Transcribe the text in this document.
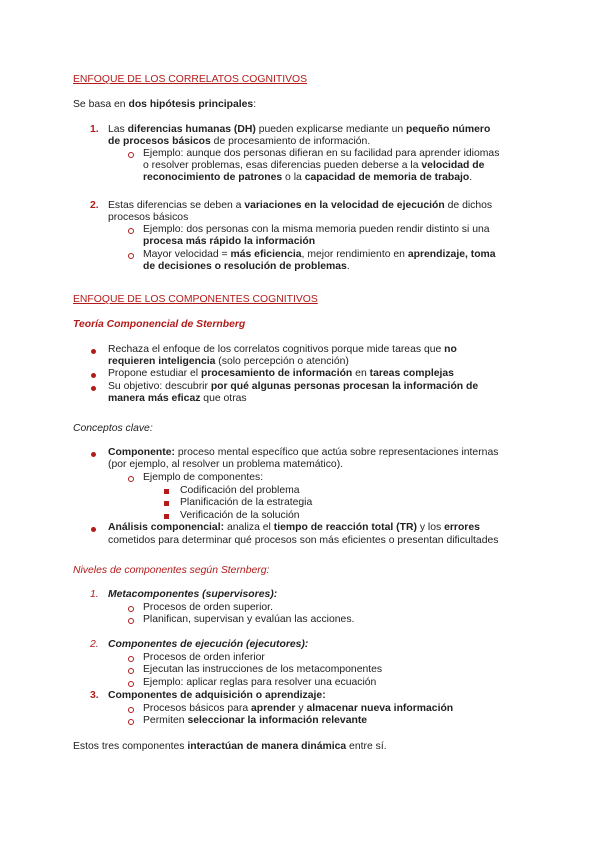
ENFOQUE DE LOS CORRELATOS COGNITIVOS
Se basa en dos hipótesis principales:
1. Las diferencias humanas (DH) pueden explicarse mediante un pequeño número
de procesos básicos de procesamiento de información.
Ejemplo: aunque dos personas difieran en su facilidad para aprender idiomas
o resolver problemas, esas diferencias pueden deberse a la velocidad de
reconocimiento de patrones o la capacidad de memoria de trabajo.
2. Estas diferencias se deben a variaciones en la velocidad de ejecución de dichos
procesos básicos
Ejemplo: dos personas con la misma memoria pueden rendir distinto si una
procesa más rápido la información
Mayor velocidad = más eficiencia, mejor rendimiento en aprendizaje, toma
de decisiones o resolución de problemas.
ENFOQUE DE LOS COMPONENTES COGNITIVOS
Teoría Componencial de Sternberg
Rechaza el enfoque de los correlatos cognitivos porque mide tareas que no
requieren inteligencia (solo percepción o atención)
Propone estudiar el procesamiento de información en tareas complejas
Su objetivo: descubrir por qué algunas personas procesan la información de
manera más eficaz que otras
Conceptos clave:
Componente: proceso mental específico que actúa sobre representaciones internas
(por ejemplo, al resolver un problema matemático).
Ejemplo de componentes:
Codificación del problema
Planificación de la estrategia
Verificación de la solución
Análisis componencial: analiza el tiempo de reacción total (TR) y los errores
cometidos para determinar qué procesos son más eficientes o presentan dificultades
Niveles de componentes según Sternberg:
1. Metacomponentes (supervisores):
Procesos de orden superior.
Planifican, supervisan y evalúan las acciones.
2. Componentes de ejecución (ejecutores):
Procesos de orden inferior
Ejecutan las instrucciones de los metacomponentes
Ejemplo: aplicar reglas para resolver una ecuación
3. Componentes de adquisición o aprendizaje:
Procesos básicos para aprender y almacenar nueva información
Permiten seleccionar la información relevante
Estos tres componentes interactúan de manera dinámica entre sí.
